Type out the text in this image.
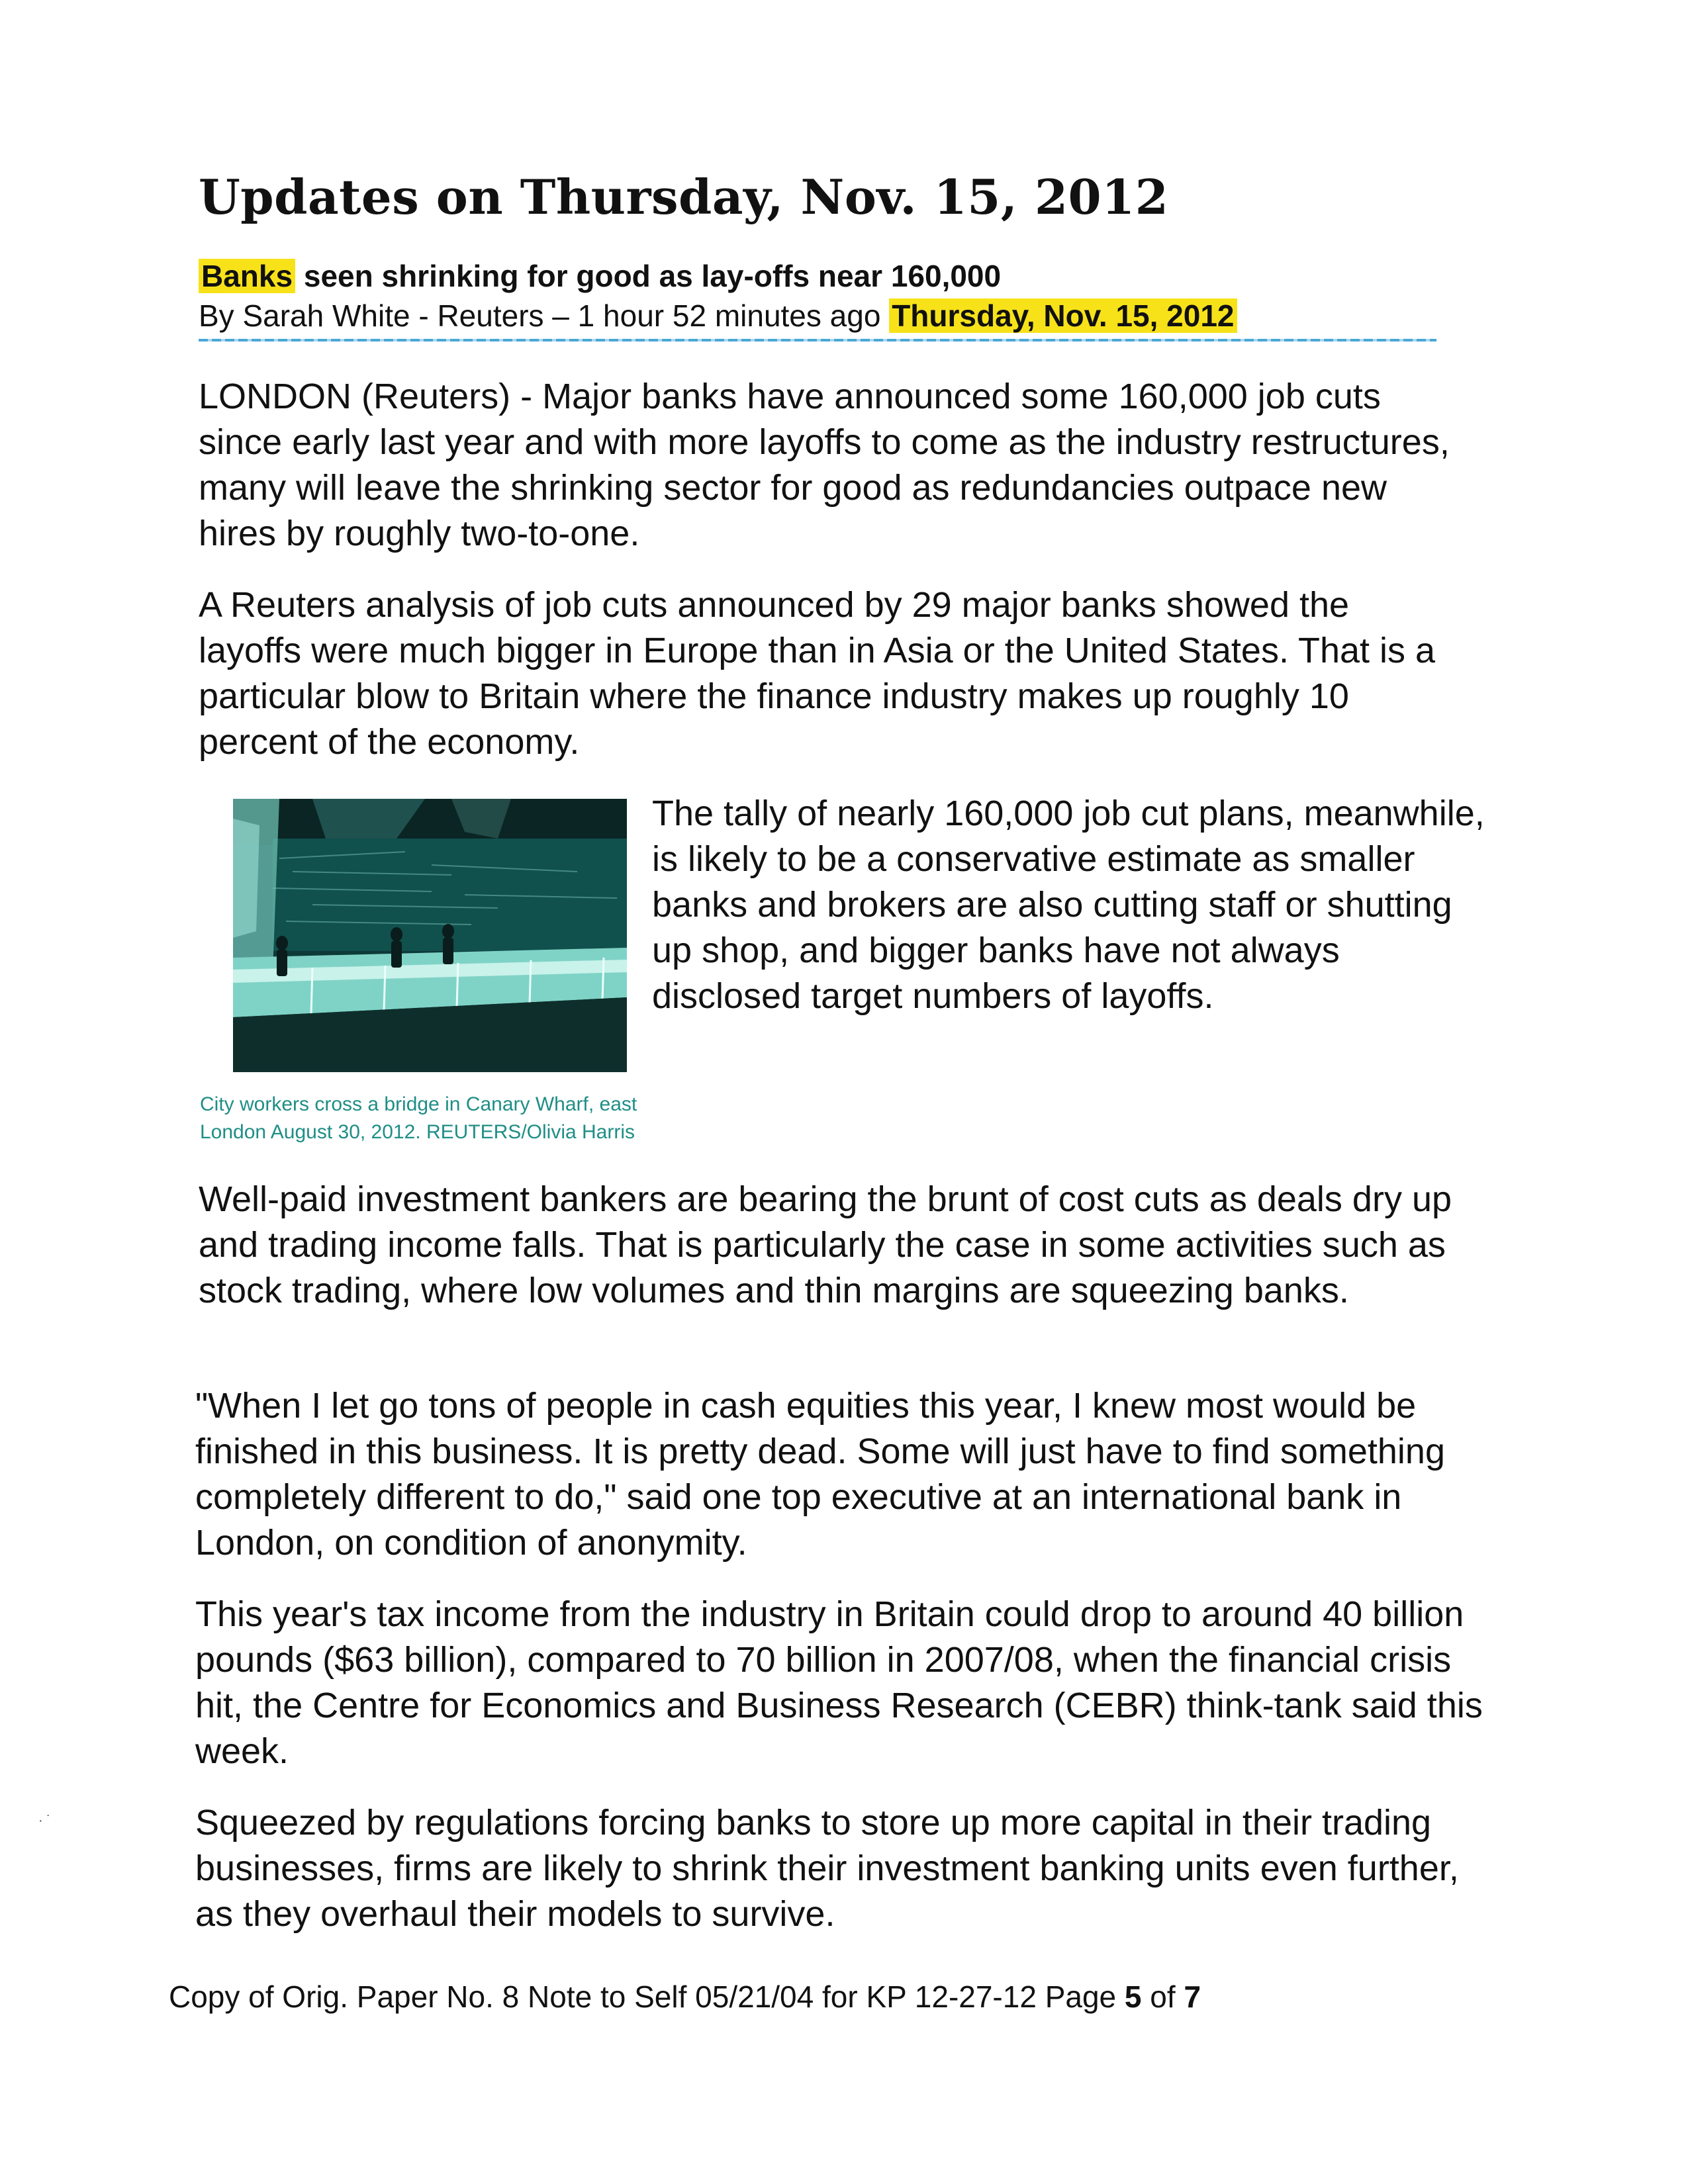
Updates on Thursday, Nov. 15, 2012
Banks seen shrinking for good as lay-offs near 160,000
By Sarah White - Reuters – 1 hour 52 minutes ago Thursday, Nov. 15, 2012

LONDON (Reuters) - Major banks have announced some 160,000 job cuts since early last year and with more layoffs to come as the industry restructures, many will leave the shrinking sector for good as redundancies outpace new hires by roughly two-to-one.

A Reuters analysis of job cuts announced by 29 major banks showed the layoffs were much bigger in Europe than in Asia or the United States. That is a particular blow to Britain where the finance industry makes up roughly 10 percent of the economy.

The tally of nearly 160,000 job cut plans, meanwhile, is likely to be a conservative estimate as smaller banks and brokers are also cutting staff or shutting up shop, and bigger banks have not always disclosed target numbers of layoffs.

City workers cross a bridge in Canary Wharf, east London August 30, 2012. REUTERS/Olivia Harris

Well-paid investment bankers are bearing the brunt of cost cuts as deals dry up and trading income falls. That is particularly the case in some activities such as stock trading, where low volumes and thin margins are squeezing banks.

"When I let go tons of people in cash equities this year, I knew most would be finished in this business. It is pretty dead. Some will just have to find something completely different to do," said one top executive at an international bank in London, on condition of anonymity.

This year's tax income from the industry in Britain could drop to around 40 billion pounds ($63 billion), compared to 70 billion in 2007/08, when the financial crisis hit, the Centre for Economics and Business Research (CEBR) think-tank said this week.

Squeezed by regulations forcing banks to store up more capital in their trading businesses, firms are likely to shrink their investment banking units even further, as they overhaul their models to survive.

Copy of Orig. Paper No. 8 Note to Self 05/21/04 for KP 12-27-12 Page 5 of 7
· ˙
